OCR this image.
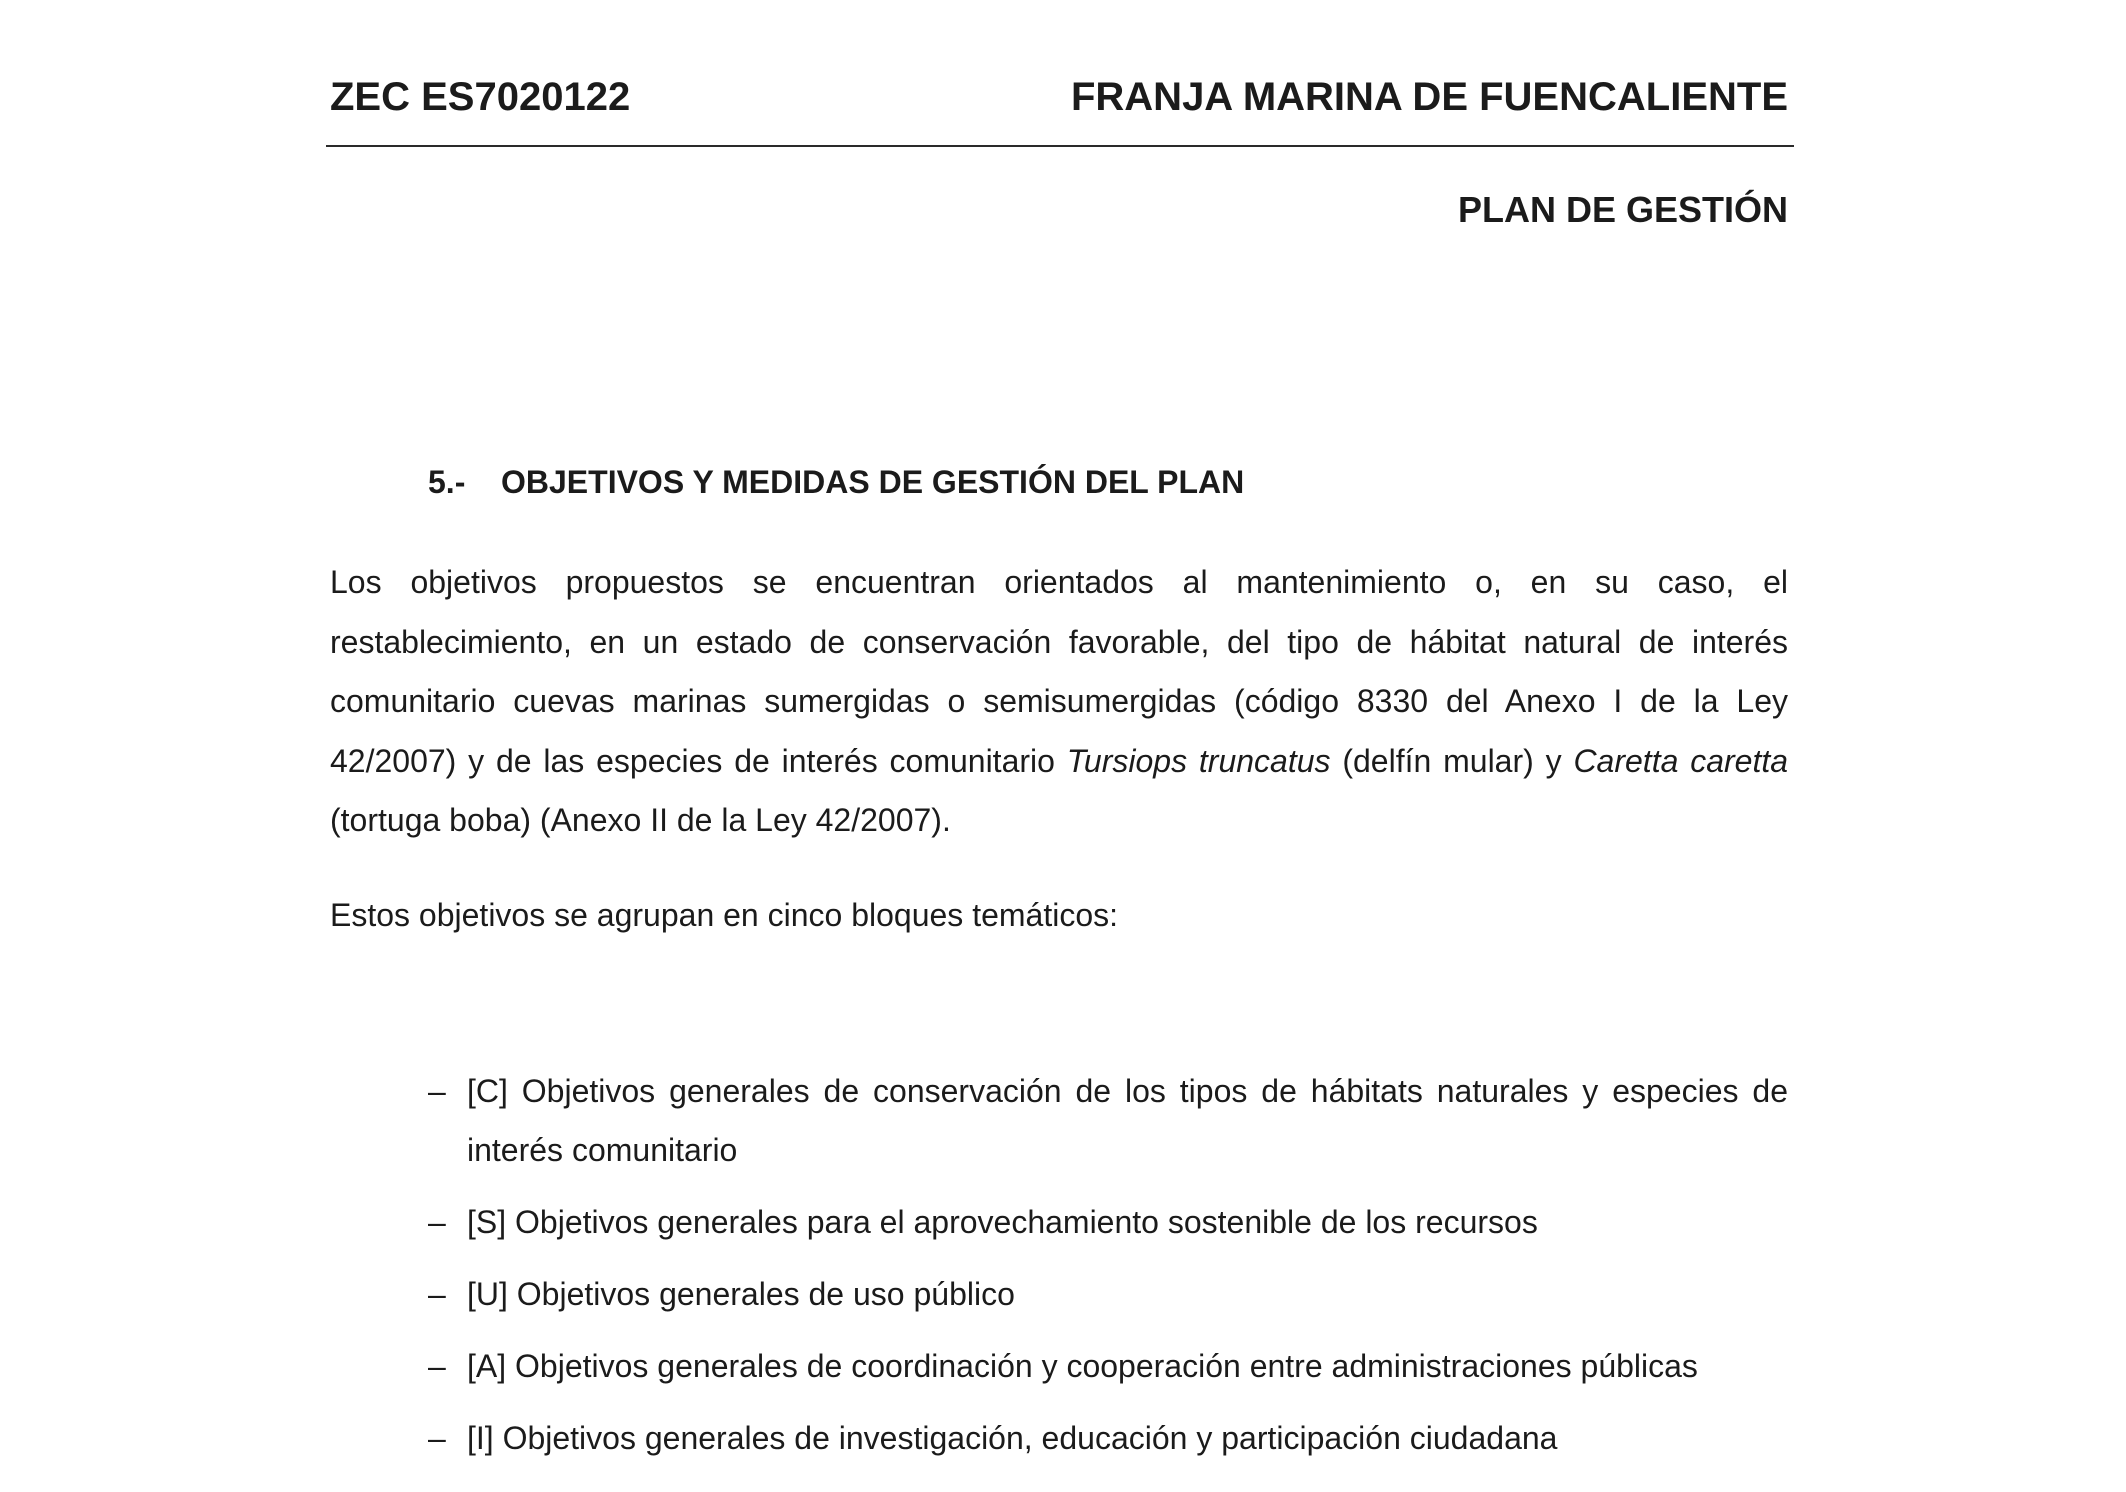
ZEC ES7020122	FRANJA MARINA DE FUENCALIENTE
PLAN DE GESTIÓN
5.- OBJETIVOS Y MEDIDAS DE GESTIÓN DEL PLAN

Los objetivos propuestos se encuentran orientados al mantenimiento o, en su caso, el restablecimiento, en un estado de conservación favorable, del tipo de hábitat natural de interés comunitario cuevas marinas sumergidas o semisumergidas (código 8330 del Anexo I de la Ley 42/2007) y de las especies de interés comunitario Tursiops truncatus (delfín mular) y Caretta caretta (tortuga boba) (Anexo II de la Ley 42/2007).

Estos objetivos se agrupan en cinco bloques temáticos:

– [C] Objetivos generales de conservación de los tipos de hábitats naturales y especies de interés comunitario
– [S] Objetivos generales para el aprovechamiento sostenible de los recursos
– [U] Objetivos generales de uso público
– [A] Objetivos generales de coordinación y cooperación entre administraciones públicas
– [I] Objetivos generales de investigación, educación y participación ciudadana
